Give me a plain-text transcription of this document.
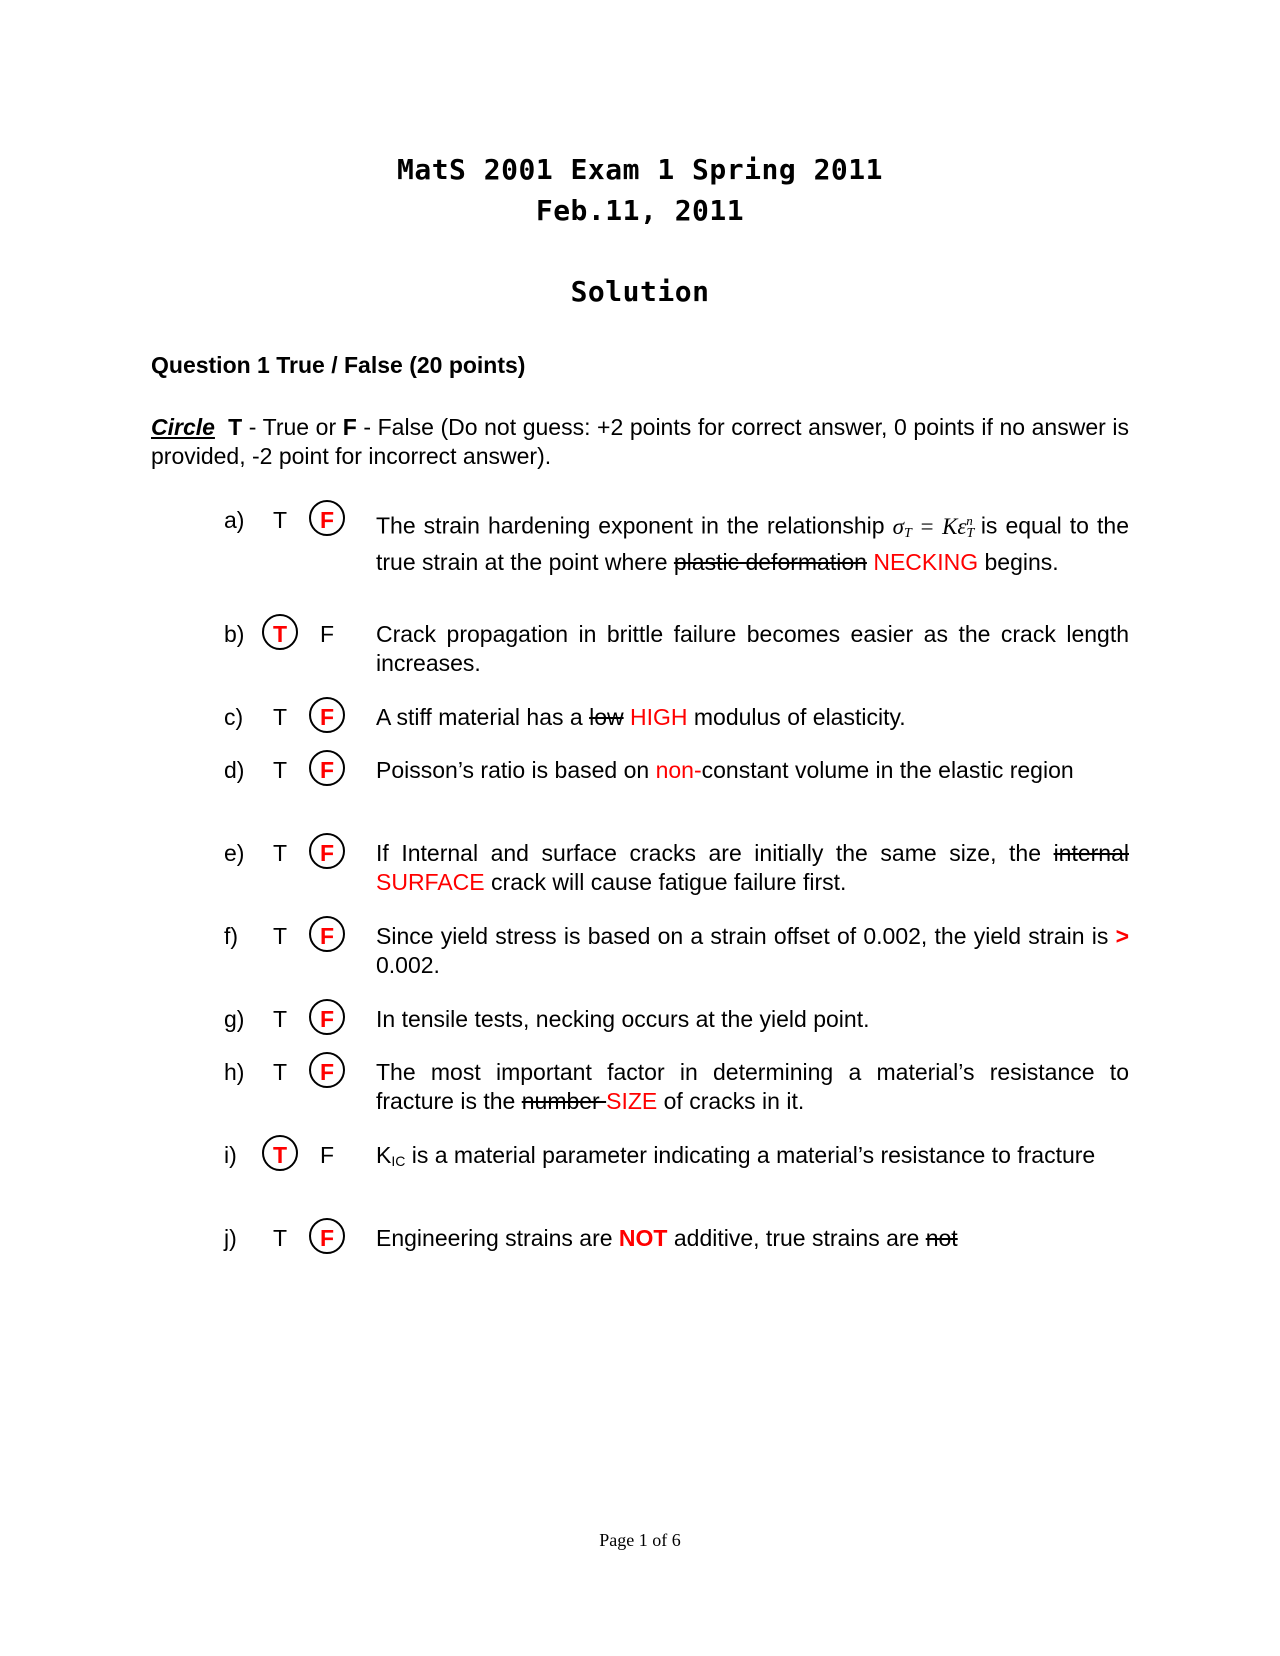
MatS 2001 Exam 1 Spring 2011
Feb.11, 2011
Solution
Question 1 True / False (20 points)
Circle T - True or F - False (Do not guess: +2 points for correct answer, 0 points if no answer is provided, -2 point for incorrect answer).
a)	T	F	The strain hardening exponent in the relationship $\sigma_T = K\varepsilon_T^n$ is equal to the true strain at the point where plastic deformation NECKING begins.
b)	T	F	Crack propagation in brittle failure becomes easier as the crack length increases.
c)	T	F	A stiff material has a low HIGH modulus of elasticity.
d)	T	F	Poisson’s ratio is based on non-constant volume in the elastic region
e)	T	F	If Internal and surface cracks are initially the same size, the internal SURFACE crack will cause fatigue failure first.
f)	T	F	Since yield stress is based on a strain offset of 0.002, the yield strain is > 0.002.
g)	T	F	In tensile tests, necking occurs at the yield point.
h)	T	F	The most important factor in determining a material’s resistance to fracture is the number SIZE of cracks in it.
i)	T	F	$K_{IC}$ is a material parameter indicating a material’s resistance to fracture
j)	T	F	Engineering strains are NOT additive, true strains are not
Page 1 of 6
